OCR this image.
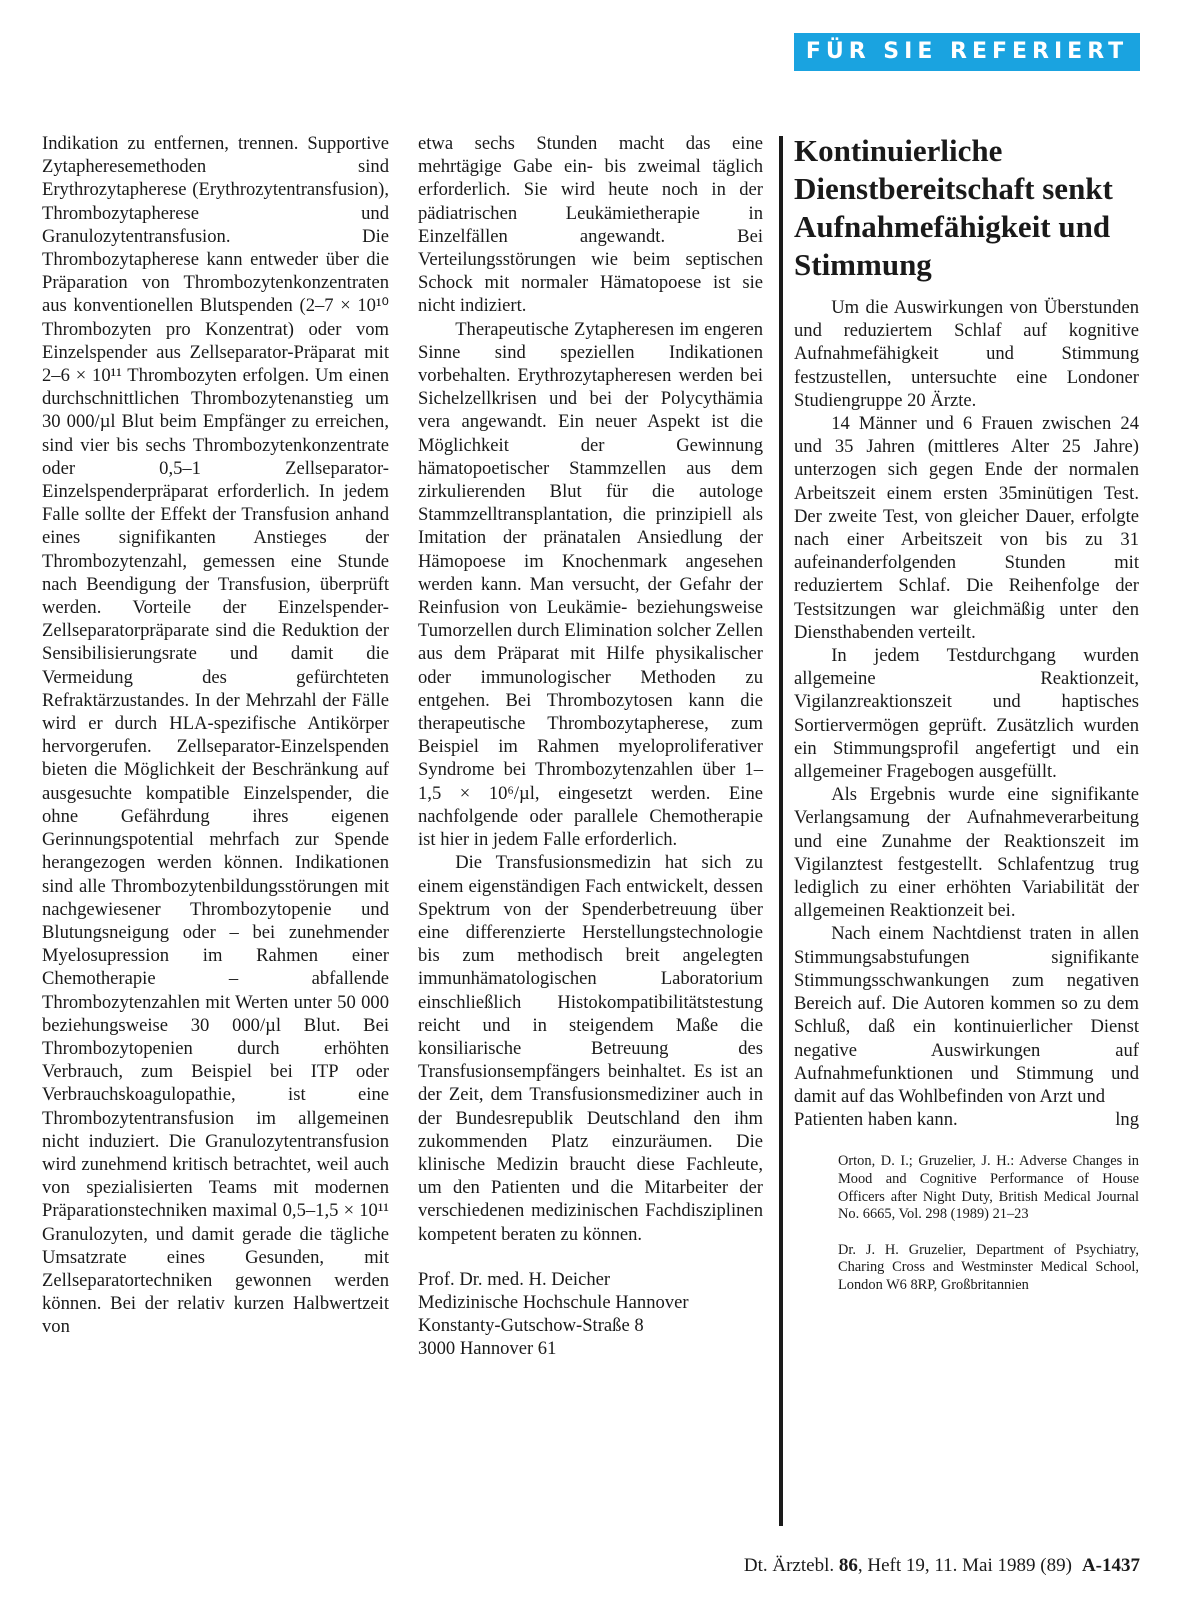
FÜR SIE REFERIERT

Indikation zu entfernen, trennen. Supportive Zytapheresemethoden sind Erythrozytapherese (Erythrozytentransfusion), Thrombozytapherese und Granulozytentransfusion. Die Thrombozytapherese kann entweder über die Präparation von Thrombozytenkonzentraten aus konventionellen Blutspenden (2–7 × 10¹⁰ Thrombozyten pro Konzentrat) oder vom Einzelspender aus Zellseparator-Präparat mit 2–6 × 10¹¹ Thrombozyten erfolgen. Um einen durchschnittlichen Thrombozytenanstieg um 30 000/µl Blut beim Empfänger zu erreichen, sind vier bis sechs Thrombozytenkonzentrate oder 0,5–1 Zellseparator-Einzelspenderpräparat erforderlich. In jedem Falle sollte der Effekt der Transfusion anhand eines signifikanten Anstieges der Thrombozytenzahl, gemessen eine Stunde nach Beendigung der Transfusion, überprüft werden. Vorteile der Einzelspender-Zellseparatorpräparate sind die Reduktion der Sensibilisierungsrate und damit die Vermeidung des gefürchteten Refraktärzustandes. In der Mehrzahl der Fälle wird er durch HLA-spezifische Antikörper hervorgerufen. Zellseparator-Einzelspenden bieten die Möglichkeit der Beschränkung auf ausgesuchte kompatible Einzelspender, die ohne Gefährdung ihres eigenen Gerinnungspotential mehrfach zur Spende herangezogen werden können. Indikationen sind alle Thrombozytenbildungsstörungen mit nachgewiesener Thrombozytopenie und Blutungsneigung oder – bei zunehmender Myelosupression im Rahmen einer Chemotherapie – abfallende Thrombozytenzahlen mit Werten unter 50 000 beziehungsweise 30 000/µl Blut. Bei Thrombozytopenien durch erhöhten Verbrauch, zum Beispiel bei ITP oder Verbrauchskoagulopathie, ist eine Thrombozytentransfusion im allgemeinen nicht induziert. Die Granulozytentransfusion wird zunehmend kritisch betrachtet, weil auch von spezialisierten Teams mit modernen Präparationstechniken maximal 0,5–1,5 × 10¹¹ Granulozyten, und damit gerade die tägliche Umsatzrate eines Gesunden, mit Zellseparatortechniken gewonnen werden können. Bei der relativ kurzen Halbwertzeit von

etwa sechs Stunden macht das eine mehrtägige Gabe ein- bis zweimal täglich erforderlich. Sie wird heute noch in der pädiatrischen Leukämietherapie in Einzelfällen angewandt. Bei Verteilungsstörungen wie beim septischen Schock mit normaler Hämatopoese ist sie nicht indiziert.

Therapeutische Zytapheresen im engeren Sinne sind speziellen Indikationen vorbehalten. Erythrozytapheresen werden bei Sichelzellkrisen und bei der Polycythämia vera angewandt. Ein neuer Aspekt ist die Möglichkeit der Gewinnung hämatopoetischer Stammzellen aus dem zirkulierenden Blut für die autologe Stammzelltransplantation, die prinzipiell als Imitation der pränatalen Ansiedlung der Hämopoese im Knochenmark angesehen werden kann. Man versucht, der Gefahr der Reinfusion von Leukämie- beziehungsweise Tumorzellen durch Elimination solcher Zellen aus dem Präparat mit Hilfe physikalischer oder immunologischer Methoden zu entgehen. Bei Thrombozytosen kann die therapeutische Thrombozytapherese, zum Beispiel im Rahmen myeloproliferativer Syndrome bei Thrombozytenzahlen über 1–1,5 × 10⁶/µl, eingesetzt werden. Eine nachfolgende oder parallele Chemotherapie ist hier in jedem Falle erforderlich.

Die Transfusionsmedizin hat sich zu einem eigenständigen Fach entwickelt, dessen Spektrum von der Spenderbetreuung über eine differenzierte Herstellungstechnologie bis zum methodisch breit angelegten immunhämatologischen Laboratorium einschließlich Histokompatibilitätstestung reicht und in steigendem Maße die konsiliarische Betreuung des Transfusionsempfängers beinhaltet. Es ist an der Zeit, dem Transfusionsmediziner auch in der Bundesrepublik Deutschland den ihm zukommenden Platz einzuräumen. Die klinische Medizin braucht diese Fachleute, um den Patienten und die Mitarbeiter der verschiedenen medizinischen Fachdisziplinen kompetent beraten zu können.

Prof. Dr. med. H. Deicher
Medizinische Hochschule Hannover
Konstanty-Gutschow-Straße 8
3000 Hannover 61
Kontinuierliche Dienstbereitschaft senkt Aufnahmefähigkeit und Stimmung

Um die Auswirkungen von Überstunden und reduziertem Schlaf auf kognitive Aufnahmefähigkeit und Stimmung festzustellen, untersuchte eine Londoner Studiengruppe 20 Ärzte.

14 Männer und 6 Frauen zwischen 24 und 35 Jahren (mittleres Alter 25 Jahre) unterzogen sich gegen Ende der normalen Arbeitszeit einem ersten 35minütigen Test. Der zweite Test, von gleicher Dauer, erfolgte nach einer Arbeitszeit von bis zu 31 aufeinanderfolgenden Stunden mit reduziertem Schlaf. Die Reihenfolge der Testsitzungen war gleichmäßig unter den Diensthabenden verteilt.

In jedem Testdurchgang wurden allgemeine Reaktionzeit, Vigilanzreaktionszeit und haptisches Sortiervermögen geprüft. Zusätzlich wurden ein Stimmungsprofil angefertigt und ein allgemeiner Fragebogen ausgefüllt.

Als Ergebnis wurde eine signifikante Verlangsamung der Aufnahmeverarbeitung und eine Zunahme der Reaktionszeit im Vigilanztest festgestellt. Schlafentzug trug lediglich zu einer erhöhten Variabilität der allgemeinen Reaktionzeit bei.

Nach einem Nachtdienst traten in allen Stimmungsabstufungen signifikante Stimmungsschwankungen zum negativen Bereich auf. Die Autoren kommen so zu dem Schluß, daß ein kontinuierlicher Dienst negative Auswirkungen auf Aufnahmefunktionen und Stimmung und damit auf das Wohlbefinden von Arzt und

Patienten haben kann.	lng

Orton, D. I.; Gruzelier, J. H.: Adverse Changes in Mood and Cognitive Performance of House Officers after Night Duty, British Medical Journal No. 6665, Vol. 298 (1989) 21–23

Dr. J. H. Gruzelier, Department of Psychiatry, Charing Cross and Westminster Medical School, London W6 8RP, Großbritannien

Dt. Ärztebl. 86, Heft 19, 11. Mai 1989 (89) A-1437
